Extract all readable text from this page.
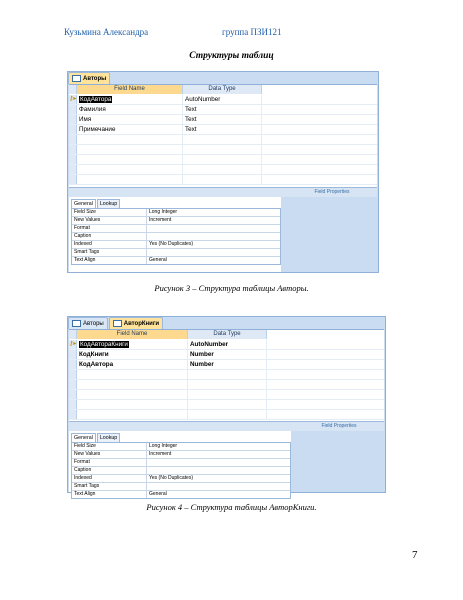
Кузьмина Александра	группа ПЗИ121
Структуры таблиц
Авторы
Field Name	Data Type
⚷▸ КодАвтора	AutoNumber
Фамилия	Text
Имя	Text
Примечание	Text
Field Properties
General	Lookup
Field Size	Long Integer
New Values	Increment
Format
Caption
Indexed	Yes (No Duplicates)
Smart Tags
Text Align	General
Рисунок 3 – Структура таблицы Авторы.
Авторы	АвторКниги
Field Name	Data Type
⚷▸ КодАвтораКниги	AutoNumber
КодКниги	Number
КодАвтора	Number
Field Properties
General	Lookup
Field Size	Long Integer
New Values	Increment
Format
Caption
Indexed	Yes (No Duplicates)
Smart Tags
Text Align	General
Рисунок 4 – Структура таблицы АвторКниги.
7
